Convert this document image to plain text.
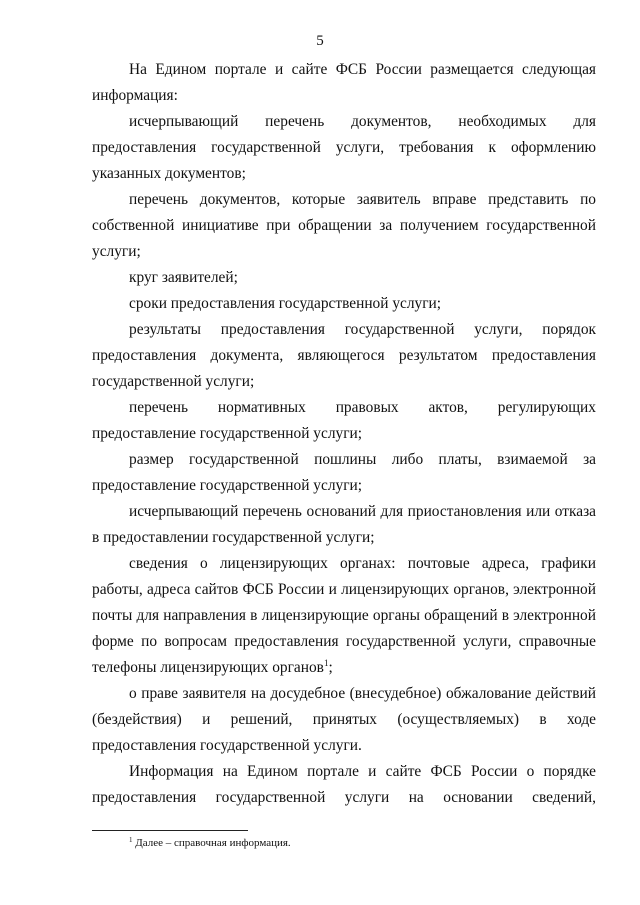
5

На Едином портале и сайте ФСБ России размещается следующая информация:

исчерпывающий перечень документов, необходимых для предоставления государственной услуги, требования к оформлению указанных документов;

перечень документов, которые заявитель вправе представить по собственной инициативе при обращении за получением государственной услуги;

круг заявителей;

сроки предоставления государственной услуги;

результаты предоставления государственной услуги, порядок предоставления документа, являющегося результатом предоставления государственной услуги;

перечень нормативных правовых актов, регулирующих предоставление государственной услуги;

размер государственной пошлины либо платы, взимаемой за предоставление государственной услуги;

исчерпывающий перечень оснований для приостановления или отказа в предоставлении государственной услуги;

сведения о лицензирующих органах: почтовые адреса, графики работы, адреса сайтов ФСБ России и лицензирующих органов, электронной почты для направления в лицензирующие органы обращений в электронной форме по вопросам предоставления государственной услуги, справочные телефоны лицензирующих органов$^1$;

о праве заявителя на досудебное (внесудебное) обжалование действий (бездействия) и решений, принятых (осуществляемых) в ходе предоставления государственной услуги.

Информация на Едином портале и сайте ФСБ России о порядке предоставления государственной услуги на основании сведений,

$^1$ Далее – справочная информация.
